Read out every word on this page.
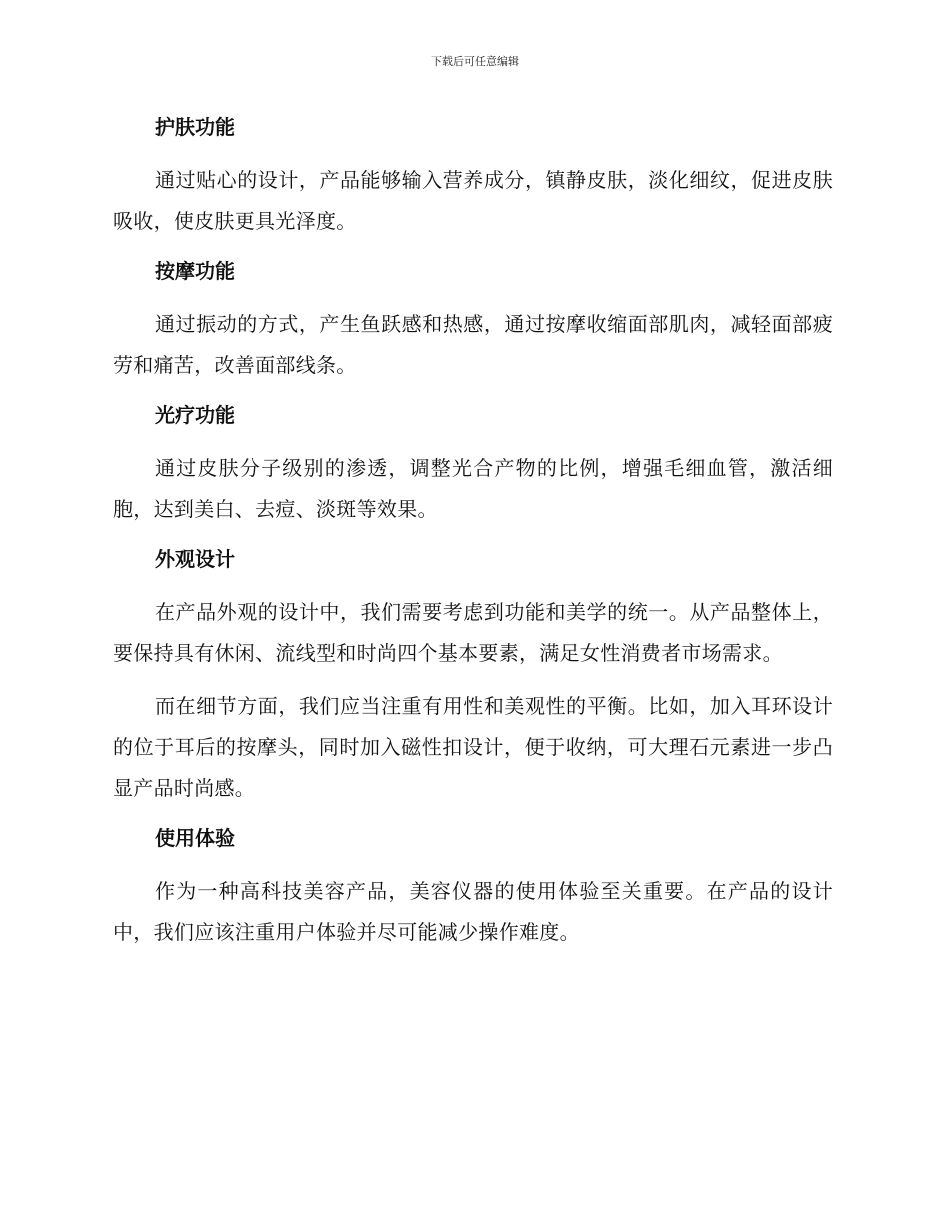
下载后可任意编辑
护肤功能

通过贴心的设计，产品能够输入营养成分，镇静皮肤，淡化细纹，促进皮肤吸收，使皮肤更具光泽度。

按摩功能

通过振动的方式，产生鱼跃感和热感，通过按摩收缩面部肌肉，减轻面部疲劳和痛苦，改善面部线条。

光疗功能

通过皮肤分子级别的渗透，调整光合产物的比例，增强毛细血管，激活细胞，达到美白、去痘、淡斑等效果。

外观设计

在产品外观的设计中，我们需要考虑到功能和美学的统一。从产品整体上，要保持具有休闲、流线型和时尚四个基本要素，满足女性消费者市场需求。

而在细节方面，我们应当注重有用性和美观性的平衡。比如，加入耳环设计的位于耳后的按摩头，同时加入磁性扣设计，便于收纳，可大理石元素进一步凸显产品时尚感。

使用体验

作为一种高科技美容产品，美容仪器的使用体验至关重要。在产品的设计中，我们应该注重用户体验并尽可能减少操作难度。
